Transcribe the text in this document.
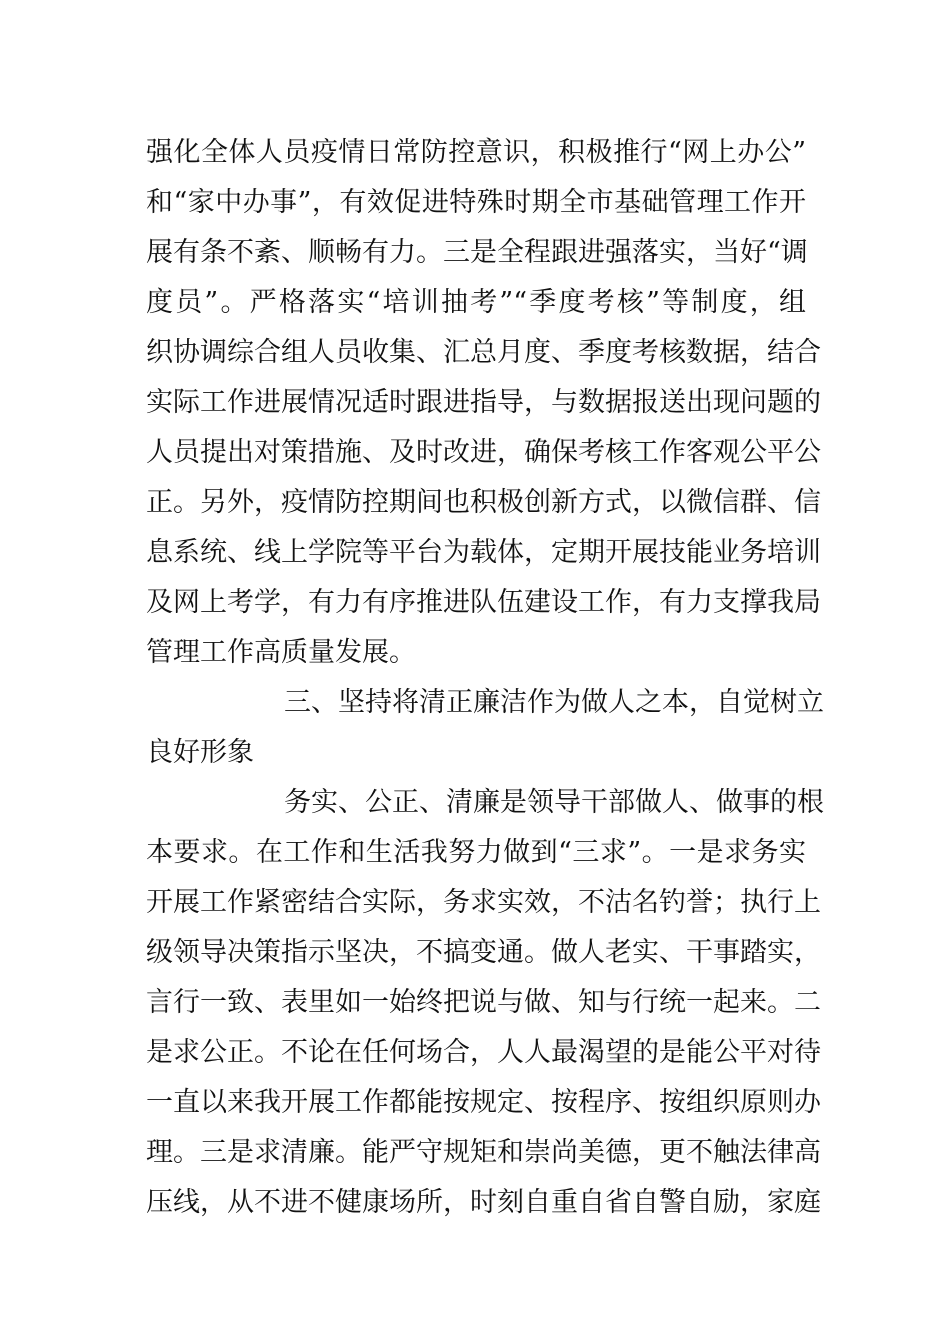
强化全体人员疫情日常防控意识，积极推行“网上办公”
和“家中办事”，有效促进特殊时期全市基础管理工作开
展有条不紊、顺畅有力。三是全程跟进强落实，当好“调
度员”。严格落实“培训抽考”“季度考核”等制度，组
织协调综合组人员收集、汇总月度、季度考核数据，结合
实际工作进展情况适时跟进指导，与数据报送出现问题的
人员提出对策措施、及时改进，确保考核工作客观公平公
正。另外，疫情防控期间也积极创新方式，以微信群、信
息系统、线上学院等平台为载体，定期开展技能业务培训
及网上考学，有力有序推进队伍建设工作，有力支撑我局
管理工作高质量发展。
三、坚持将清正廉洁作为做人之本，自觉树立
良好形象
务实、公正、清廉是领导干部做人、做事的根
本要求。在工作和生活我努力做到“三求”。一是求务实
开展工作紧密结合实际，务求实效，不沽名钓誉；执行上
级领导决策指示坚决，不搞变通。做人老实、干事踏实，
言行一致、表里如一始终把说与做、知与行统一起来。二
是求公正。不论在任何场合，人人最渴望的是能公平对待
一直以来我开展工作都能按规定、按程序、按组织原则办
理。三是求清廉。能严守规矩和崇尚美德，更不触法律高
压线，从不进不健康场所，时刻自重自省自警自励，家庭
